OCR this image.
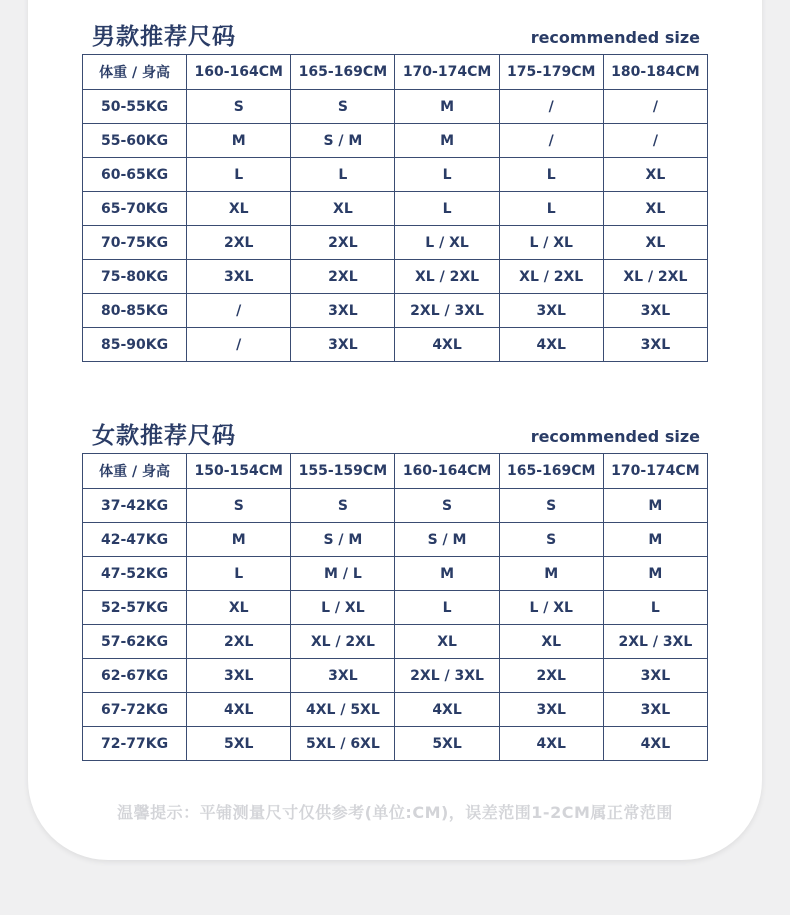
男款推荐尺码	recommended size
体重 / 身高	160-164CM	165-169CM	170-174CM	175-179CM	180-184CM
50-55KG	S	S	M	/	/
55-60KG	M	S / M	M	/	/
60-65KG	L	L	L	L	XL
65-70KG	XL	XL	L	L	XL
70-75KG	2XL	2XL	L / XL	L / XL	XL
75-80KG	3XL	2XL	XL / 2XL	XL / 2XL	XL / 2XL
80-85KG	/	3XL	2XL / 3XL	3XL	3XL
85-90KG	/	3XL	4XL	4XL	3XL
女款推荐尺码	recommended size
体重 / 身高	150-154CM	155-159CM	160-164CM	165-169CM	170-174CM
37-42KG	S	S	S	S	M
42-47KG	M	S / M	S / M	S	M
47-52KG	L	M / L	M	M	M
52-57KG	XL	L / XL	L	L / XL	L
57-62KG	2XL	XL / 2XL	XL	XL	2XL / 3XL
62-67KG	3XL	3XL	2XL / 3XL	2XL	3XL
67-72KG	4XL	4XL / 5XL	4XL	3XL	3XL
72-77KG	5XL	5XL / 6XL	5XL	4XL	4XL
温馨提示：平铺测量尺寸仅供参考(单位:CM)，误差范围1-2CM属正常范围
